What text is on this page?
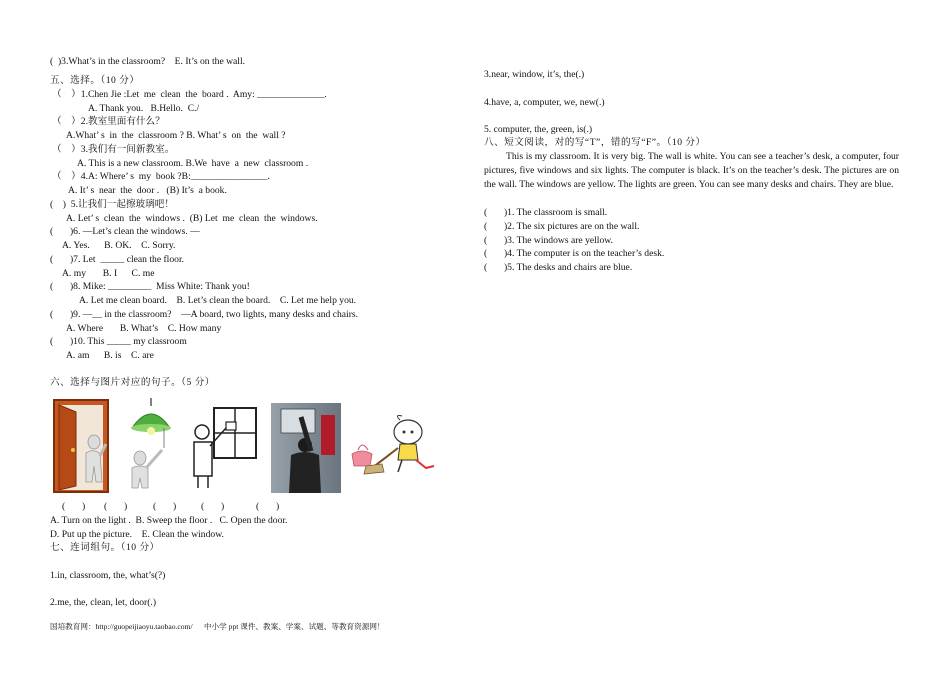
(  )3.What’s in the classroom?    E. It’s on the wall.
五、选择。（10 分）
（    ）1.Chen Jie :Let  me  clean  the  board .  Amy: ______________.
A. Thank you.   B.Hello.  C./
（    ）2.教室里面有什么？
A.What’ s  in  the  classroom ? B. What’ s  on  the  wall ?
（    ）3.我们有一间新教室。
A. This is a new classroom. B.We  have  a  new  classroom .
（    ）4.A: Where’ s  my  book ?B:________________.
A. It’ s  near  the  door .   (B) It’s  a book.
(    )  5.让我们一起擦玻璃吧！
A. Let’ s  clean  the  windows .  (B) Let  me  clean  the  windows.
(       )6. —Let’s clean the windows. —
A. Yes.      B. OK.    C. Sorry.
(       )7. Let  _____ clean the floor.
A. my       B. I      C. me
(       )8. Mike: _________  Miss White: Thank you!
A. Let me clean board.    B. Let’s clean the board.    C. Let me help you.
(       )9. —__ in the classroom?    —A board, two lights, many desks and chairs.
A. Where       B. What’s    C. How many
(       )10. This _____ my classroom
A. am      B. is    C. are
六、选择与图片对应的句子。（5 分）
(       ) (       )	(       )	(       )	(       )
A. Turn on the light .  B. Sweep the floor .   C. Open the door.
D. Put up the picture.    E. Clean the window.
七、连词组句。（10 分）
1.in, classroom, the, what’s(?)
2.me, the, clean, let, door(.)
国培教育网：http://guopeijiaoyu.taobao.com/      中小学 ppt 课件、教案、学案、试题、等教育资源网！
3.near, window, it’s, the(.)
4.have, a, computer, we, new(.)
5. computer, the, green, is(.)
八、短文阅读，对的写“T”，错的写“F”。（10 分）
This is my classroom. It is very big. The wall is white. You can see a teacher’s desk, a computer, four pictures, five windows and six lights. The computer is black. It’s on the teacher’s desk. The pictures are on the wall. The windows are yellow. The lights are green. You can see many desks and chairs. They are blue.
(       )1. The classroom is small.
(       )2. The six pictures are on the wall.
(       )3. The windows are yellow.
(       )4. The computer is on the teacher’s desk.
(       )5. The desks and chairs are blue.
